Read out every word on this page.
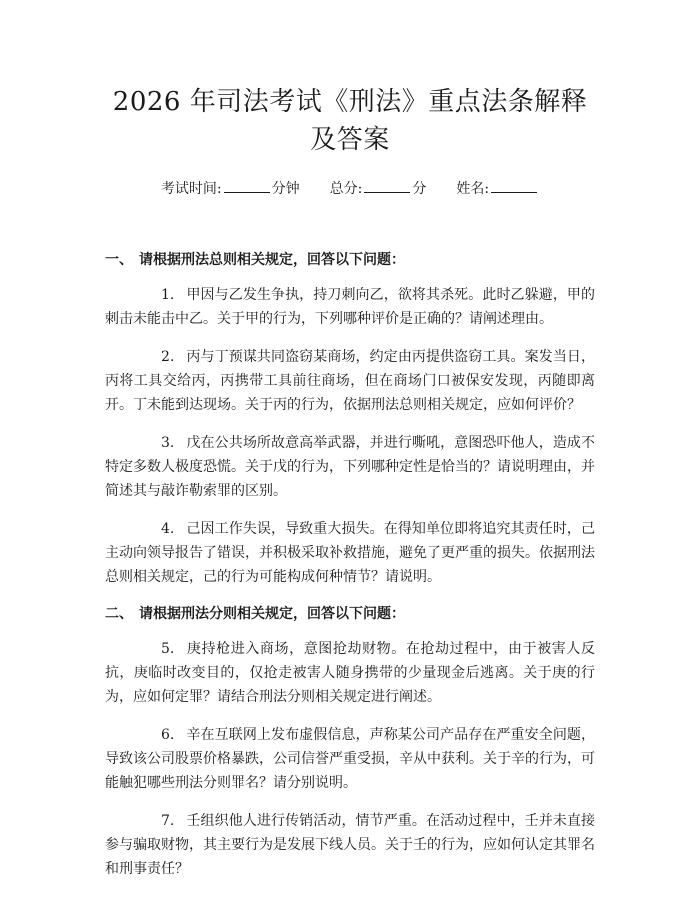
2026 年司法考试《刑法》重点法条解释及答案
考试时间:	分钟 总分:	分 姓名:
一、 请根据刑法总则相关规定，回答以下问题：

1. 甲因与乙发生争执，持刀刺向乙，欲将其杀死。此时乙躲避，甲的刺击未能击中乙。关于甲的行为，下列哪种评价是正确的？请阐述理由。

2. 丙与丁预谋共同盗窃某商场，约定由丙提供盗窃工具。案发当日，丙将工具交给丙，丙携带工具前往商场，但在商场门口被保安发现，丙随即离开。丁未能到达现场。关于丙的行为，依据刑法总则相关规定，应如何评价？

3. 戊在公共场所故意高举武器，并进行嘶吼，意图恐吓他人，造成不特定多数人极度恐慌。关于戊的行为，下列哪种定性是恰当的？请说明理由，并简述其与敲诈勒索罪的区别。

4. 己因工作失误，导致重大损失。在得知单位即将追究其责任时，己主动向领导报告了错误，并积极采取补救措施，避免了更严重的损失。依据刑法总则相关规定，己的行为可能构成何种情节？请说明。

二、 请根据刑法分则相关规定，回答以下问题：

5. 庚持枪进入商场，意图抢劫财物。在抢劫过程中，由于被害人反抗，庚临时改变目的，仅抢走被害人随身携带的少量现金后逃离。关于庚的行为，应如何定罪？请结合刑法分则相关规定进行阐述。

6. 辛在互联网上发布虚假信息，声称某公司产品存在严重安全问题，导致该公司股票价格暴跌，公司信誉严重受损，辛从中获利。关于辛的行为，可能触犯哪些刑法分则罪名？请分别说明。

7. 壬组织他人进行传销活动，情节严重。在活动过程中，壬并未直接参与骗取财物，其主要行为是发展下线人员。关于壬的行为，应如何认定其罪名和刑事责任？
